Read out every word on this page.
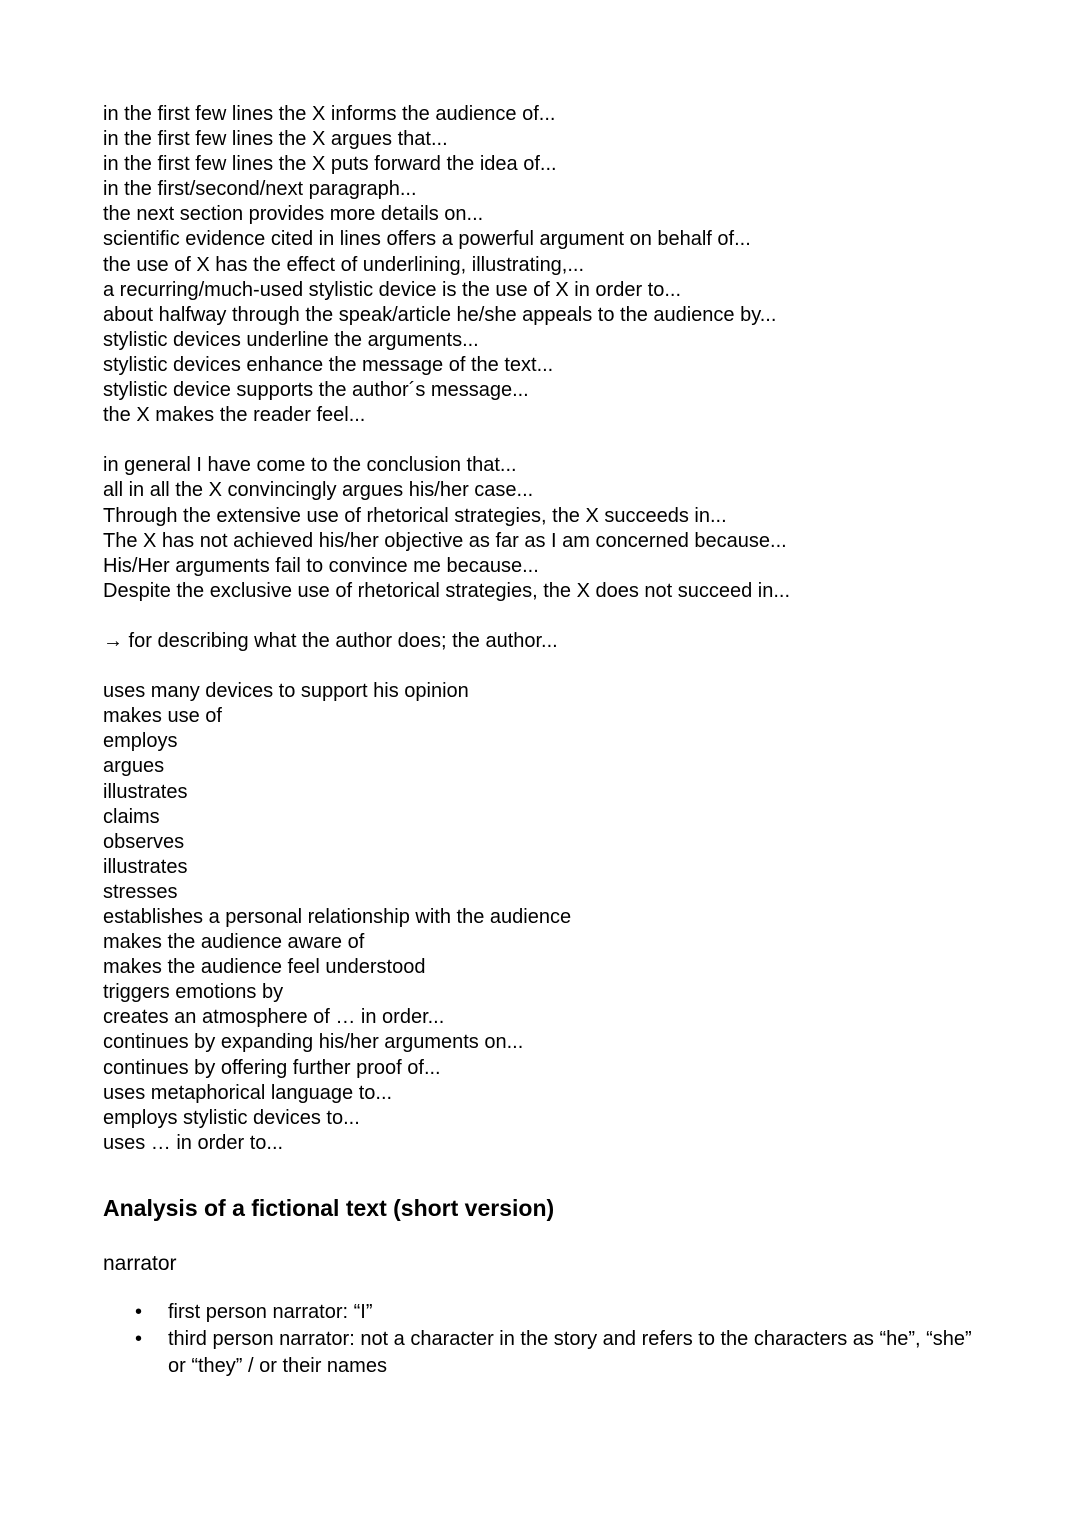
in the first few lines the X informs the audience of...
in the first few lines the X argues that...
in the first few lines the X puts forward the idea of...
in the first/second/next paragraph...
the next section provides more details on...
scientific evidence cited in lines offers a powerful argument on behalf of...
the use of X has the effect of underlining, illustrating,...
a recurring/much-used stylistic device is the use of X in order to...
about halfway through the speak/article he/she appeals to the audience by...
stylistic devices underline the arguments...
stylistic devices enhance the message of the text...
stylistic device supports the author´s message...
the X makes the reader feel...
in general I have come to the conclusion that...
all in all the X convincingly argues his/her case...
Through the extensive use of rhetorical strategies, the X succeeds in...
The X has not achieved his/her objective as far as I am concerned because...
His/Her arguments fail to convince me because...
Despite the exclusive use of rhetorical strategies, the X does not succeed in...
→ for describing what the author does; the author...
uses many devices to support his opinion
makes use of
employs
argues
illustrates
claims
observes
illustrates
stresses
establishes a personal relationship with the audience
makes the audience aware of
makes the audience feel understood
triggers emotions by
creates an atmosphere of … in order...
continues by expanding his/her arguments on...
continues by offering further proof of...
uses metaphorical language to...
employs stylistic devices to...
uses … in order to...
Analysis of a fictional text (short version)
narrator
• first person narrator: “I”
• third person narrator: not a character in the story and refers to the characters as “he”, “she” or “they” / or their names
